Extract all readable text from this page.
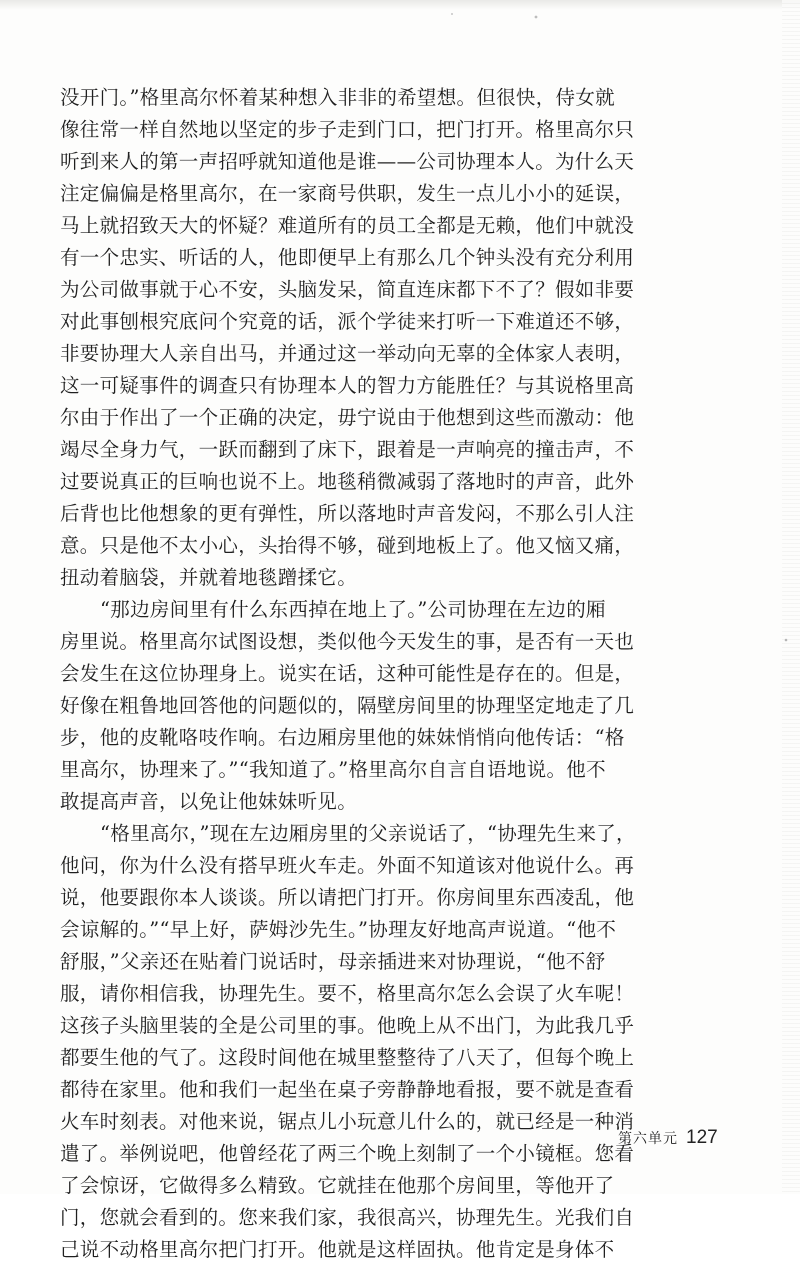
没开门。”格里高尔怀着某种想入非非的希望想。但很快，侍女就
像往常一样自然地以坚定的步子走到门口，把门打开。格里高尔只
听到来人的第一声招呼就知道他是谁——公司协理本人。为什么天
注定偏偏是格里高尔，在一家商号供职，发生一点儿小小的延误，
马上就招致天大的怀疑？难道所有的员工全都是无赖，他们中就没
有一个忠实、听话的人，他即便早上有那么几个钟头没有充分利用
为公司做事就于心不安，头脑发呆，简直连床都下不了？假如非要
对此事刨根究底问个究竟的话，派个学徒来打听一下难道还不够，
非要协理大人亲自出马，并通过这一举动向无辜的全体家人表明，
这一可疑事件的调查只有协理本人的智力方能胜任？与其说格里高
尔由于作出了一个正确的决定，毋宁说由于他想到这些而激动：他
竭尽全身力气，一跃而翻到了床下，跟着是一声响亮的撞击声，不
过要说真正的巨响也说不上。地毯稍微减弱了落地时的声音，此外
后背也比他想象的更有弹性，所以落地时声音发闷，不那么引人注
意。只是他不太小心，头抬得不够，碰到地板上了。他又恼又痛，
扭动着脑袋，并就着地毯蹭揉它。
“那边房间里有什么东西掉在地上了。”公司协理在左边的厢
房里说。格里高尔试图设想，类似他今天发生的事，是否有一天也
会发生在这位协理身上。说实在话，这种可能性是存在的。但是，
好像在粗鲁地回答他的问题似的，隔壁房间里的协理坚定地走了几
步，他的皮靴咯吱作响。右边厢房里他的妹妹悄悄向他传话：“格
里高尔，协理来了。”“我知道了。”格里高尔自言自语地说。他不
敢提高声音，以免让他妹妹听见。
“格里高尔，”现在左边厢房里的父亲说话了，“协理先生来了，
他问，你为什么没有搭早班火车走。外面不知道该对他说什么。再
说，他要跟你本人谈谈。所以请把门打开。你房间里东西凌乱，他
会谅解的。”“早上好，萨姆沙先生。”协理友好地高声说道。“他不
舒服，”父亲还在贴着门说话时，母亲插进来对协理说，“他不舒
服，请你相信我，协理先生。要不，格里高尔怎么会误了火车呢！
这孩子头脑里装的全是公司里的事。他晚上从不出门，为此我几乎
都要生他的气了。这段时间他在城里整整待了八天了，但每个晚上
都待在家里。他和我们一起坐在桌子旁静静地看报，要不就是查看
火车时刻表。对他来说，锯点儿小玩意儿什么的，就已经是一种消
遣了。举例说吧，他曾经花了两三个晚上刻制了一个小镜框。您看
了会惊讶，它做得多么精致。它就挂在他那个房间里，等他开了
门，您就会看到的。您来我们家，我很高兴，协理先生。光我们自
己说不动格里高尔把门打开。他就是这样固执。他肯定是身体不
第六单元 127
